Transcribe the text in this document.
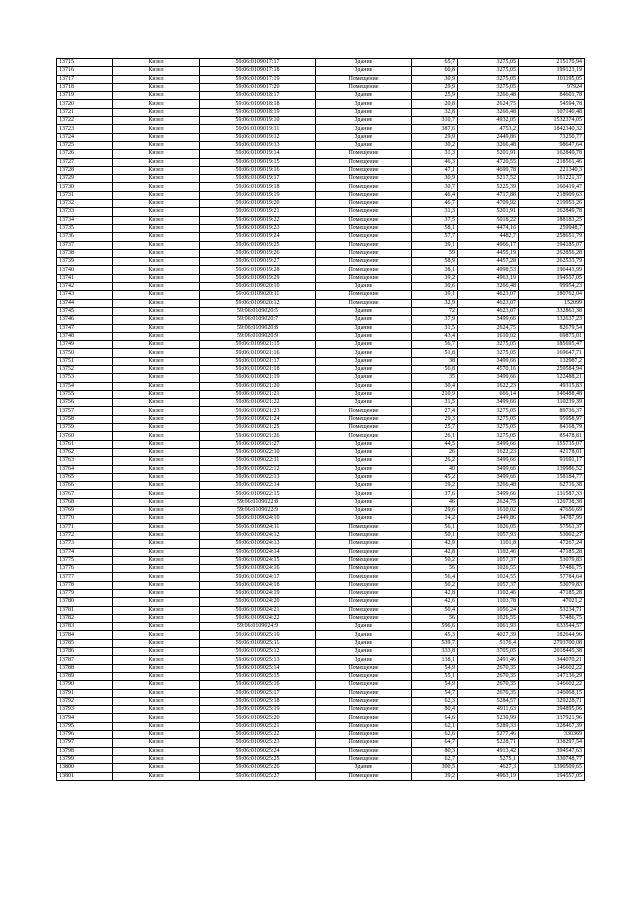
13715	Кизел	59:06:0109017:17	Здание	65,7	3275,05	215170,94
13716	Кизел	59:06:0109017:18	Здание	60,8	3275,05	199123,19
13717	Кизел	59:06:0109017:19	Помещение	30,9	3275,05	101195,05
13718	Кизел	59:06:0109017:20	Помещение	29,9	3275,05	97924
13719	Кизел	59:06:0109018:17	Здание	25,9	3266,48	84601,78
13720	Кизел	59:06:0109018:18	Здание	20,8	2624,75	54594,78
13721	Кизел	59:06:0109018:19	Здание	32,8	3266,48	107140,48
13722	Кизел	59:06:0109019:10	Здание	310,7	4932,05	1532374,05
13723	Кизел	59:06:0109019:11	Здание	387,6	4753,2	1842340,32
13724	Кизел	59:06:0109019:12	Здание	29,9	2449,86	73250,77
13725	Кизел	59:06:0109019:13	Здание	30,2	3266,48	98647,64
13726	Кизел	59:06:0109019:14	Помещение	31,3	5201,91	162849,78
13727	Кизел	59:06:0109019:15	Помещение	46,3	4720,55	218561,46
13728	Кизел	59:06:0109019:16	Помещение	47,1	4699,78	221340,3
13729	Кизел	59:06:0109019:17	Помещение	30,9	5217,52	161221,37
13730	Кизел	59:06:0109019:18	Помещение	30,7	5225,39	160419,47
13731	Кизел	59:06:0109019:19	Помещение	46,4	4717,88	218909,63
13732	Кизел	59:06:0109019:20	Помещение	46,7	4709,92	219953,26
13733	Кизел	59:06:0109019:21	Помещение	31,3	5201,91	162849,78
13734	Кизел	59:06:0109019:22	Помещение	37,5	5018,22	188183,25
13735	Кизел	59:06:0109019:23	Помещение	58,1	4474,16	259948,7
13736	Кизел	59:06:0109019:24	Помещение	57,7	4482,7	258651,79
13737	Кизел	59:06:0109019:25	Помещение	39,1	4966,17	194185,07
13738	Кизел	59:06:0109019:26	Помещение	59	4455,19	262856,28
13739	Кизел	59:06:0109019:27	Помещение	58,9	4457,28	262533,79
13740	Кизел	59:06:0109019:28	Помещение	38,1	4998,53	190443,99
13741	Кизел	59:06:0109019:29	Помещение	39,2	4963,19	194557,05
13742	Кизел	59:06:0109020:10	Здание	30,6	3266,48	99954,23
13743	Кизел	59:06:0109020:11	Помещение	39,1	4623,07	180762,04
13744	Кизел	59:06:0109020:12	Помещение	32,9	4623,07	152099
13745	Кизел	59:06:0109020:5	Здание	72	4623,07	332861,38
13746	Кизел	59:06:0109020:7	Здание	37,9	3499,66	132637,23
13747	Кизел	59:06:0109020:8	Здание	31,5	2624,75	82679,54
13748	Кизел	59:06:0109020:9	Здание	43,4	1610,02	69875,01
13749	Кизел	59:06:0109021:15	Здание	56,7	3275,05	185695,47
13750	Кизел	59:06:0109021:16	Здание	51,8	3275,05	169647,71
13751	Кизел	59:06:0109021:17	Здание	38	3499,66	132987,2
13752	Кизел	59:06:0109021:18	Здание	56,8	4570,16	259584,94
13753	Кизел	59:06:0109021:19	Здание	35	3499,66	122488,21
13754	Кизел	59:06:0109021:20	Здание	30,4	1622,23	49315,83
13755	Кизел	59:06:0109021:21	Здание	210,9	666,14	140488,48
13756	Кизел	59:06:0109021:22	Здание	31,5	3499,66	110239,39
13757	Кизел	59:06:0109021:23	Помещение	27,4	3275,05	89736,37
13758	Кизел	59:06:0109021:24	Помещение	29,3	3275,05	95958,97
13759	Кизел	59:06:0109021:25	Помещение	25,7	3275,05	84168,79
13760	Кизел	59:06:0109021:26	Помещение	26,1	3275,05	85478,81
13761	Кизел	59:06:0109021:27	Здание	44,5	3499,66	155735,07
13762	Кизел	59:06:0109022:10	Здание	26	1622,23	42178,01
13763	Кизел	59:06:0109022:11	Здание	26,2	3499,66	91691,17
13764	Кизел	59:06:0109022:12	Здание	40	3499,66	139986,52
13765	Кизел	59:06:0109022:13	Здание	45,2	3499,66	158184,77
13766	Кизел	59:06:0109022:14	Здание	19,2	3266,48	62716,38
13767	Кизел	59:06:0109022:15	Здание	37,6	3499,66	131587,33
13768	Кизел	59:06:0109022:8	Здание	46	2624,75	120738,38
13769	Кизел	59:06:0109022:9	Здание	29,6	1610,02	47656,69
13770	Кизел	59:06:0109024:10	Здание	14,2	2449,86	34787,99
13771	Кизел	59:06:0109024:11	Помещение	56,1	1026,05	57561,37
13772	Кизел	59:06:0109024:12	Помещение	50,1	1057,93	53002,27
13773	Кизел	59:06:0109024:13	Помещение	42,9	1101,8	47267,24
13774	Кизел	59:06:0109024:14	Помещение	42,8	1102,46	47185,28
13775	Кизел	59:06:0109024:15	Помещение	50,2	1057,37	53079,83
13776	Кизел	59:06:0109024:16	Помещение	56	1026,55	57486,75
13777	Кизел	59:06:0109024:17	Помещение	56,4	1024,55	57784,64
13778	Кизел	59:06:0109024:18	Помещение	50,2	1057,37	53079,83
13779	Кизел	59:06:0109024:19	Помещение	42,8	1102,46	47185,28
13780	Кизел	59:06:0109024:20	Помещение	42,6	1103,78	47021,2
13781	Кизел	59:06:0109024:21	Помещение	50,4	1056,24	53234,71
13782	Кизел	59:06:0109024:22	Помещение	56	1026,55	57486,75
13783	Кизел	59:06:0109024:9	Здание	596,6	1061,93	633544,57
13784	Кизел	59:06:0109025:10	Здание	45,3	4027,39	182644,96
13785	Кизел	59:06:0109025:11	Здание	539,7	5176,4	2793700,08
13786	Кизел	59:06:0109025:12	Здание	333,8	3705,05	2018445,38
13787	Кизел	59:06:0109025:13	Здание	138,1	2491,46	344070,21
13788	Кизел	59:06:0109025:14	Помещение	54,9	2670,35	146602,22
13789	Кизел	59:06:0109025:15	Помещение	55,1	2670,35	147136,29
13790	Кизел	59:06:0109025:16	Помещение	54,9	2670,35	146602,22
13791	Кизел	59:06:0109025:17	Помещение	54,7	2670,35	146068,15
13792	Кизел	59:06:0109025:18	Помещение	62,3	5284,57	329228,71
13793	Кизел	59:06:0109025:19	Помещение	80,4	4911,63	394895,06
13794	Кизел	59:06:0109025:20	Помещение	64,6	5230,99	337921,96
13795	Кизел	59:06:0109025:21	Помещение	62,1	5289,33	328467,39
13796	Кизел	59:06:0109025:22	Помещение	62,6	5277,46	330369
13797	Кизел	59:06:0109025:23	Помещение	64,7	5228,71	338297,54
13798	Кизел	59:06:0109025:24	Помещение	80,3	4913,42	394547,63
13799	Кизел	59:06:0109025:25	Помещение	62,7	5275,1	330748,77
13800	Кизел	59:06:0109025:26	Здание	300,5	4627,3	1390509,65
13801	Кизел	59:06:0109025:27	Помещение	39,2	4963,19	194557,05
